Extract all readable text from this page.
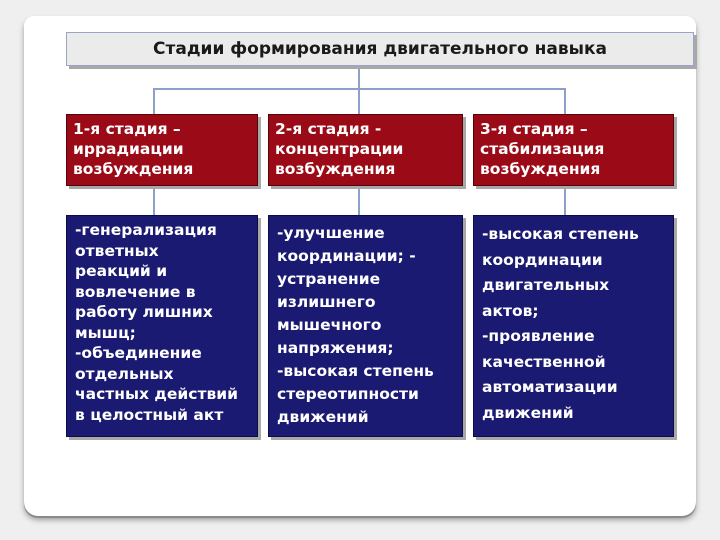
Стадии формирования двигательного навыка
1-я стадия –
иррадиации
возбуждения
-генерализация
ответных
реакций и
вовлечение в
работу лишних
мышц;
-объединение
отдельных
частных действий
в целостный акт
2-я стадия -
концентрации
возбуждения
-улучшение
координации; -
устранение
излишнего
мышечного
напряжения;
-высокая степень
стереотипности
движений
3-я стадия –
стабилизация
возбуждения
-высокая степень
координации
двигательных
актов;
-проявление
качественной
автоматизации
движений
